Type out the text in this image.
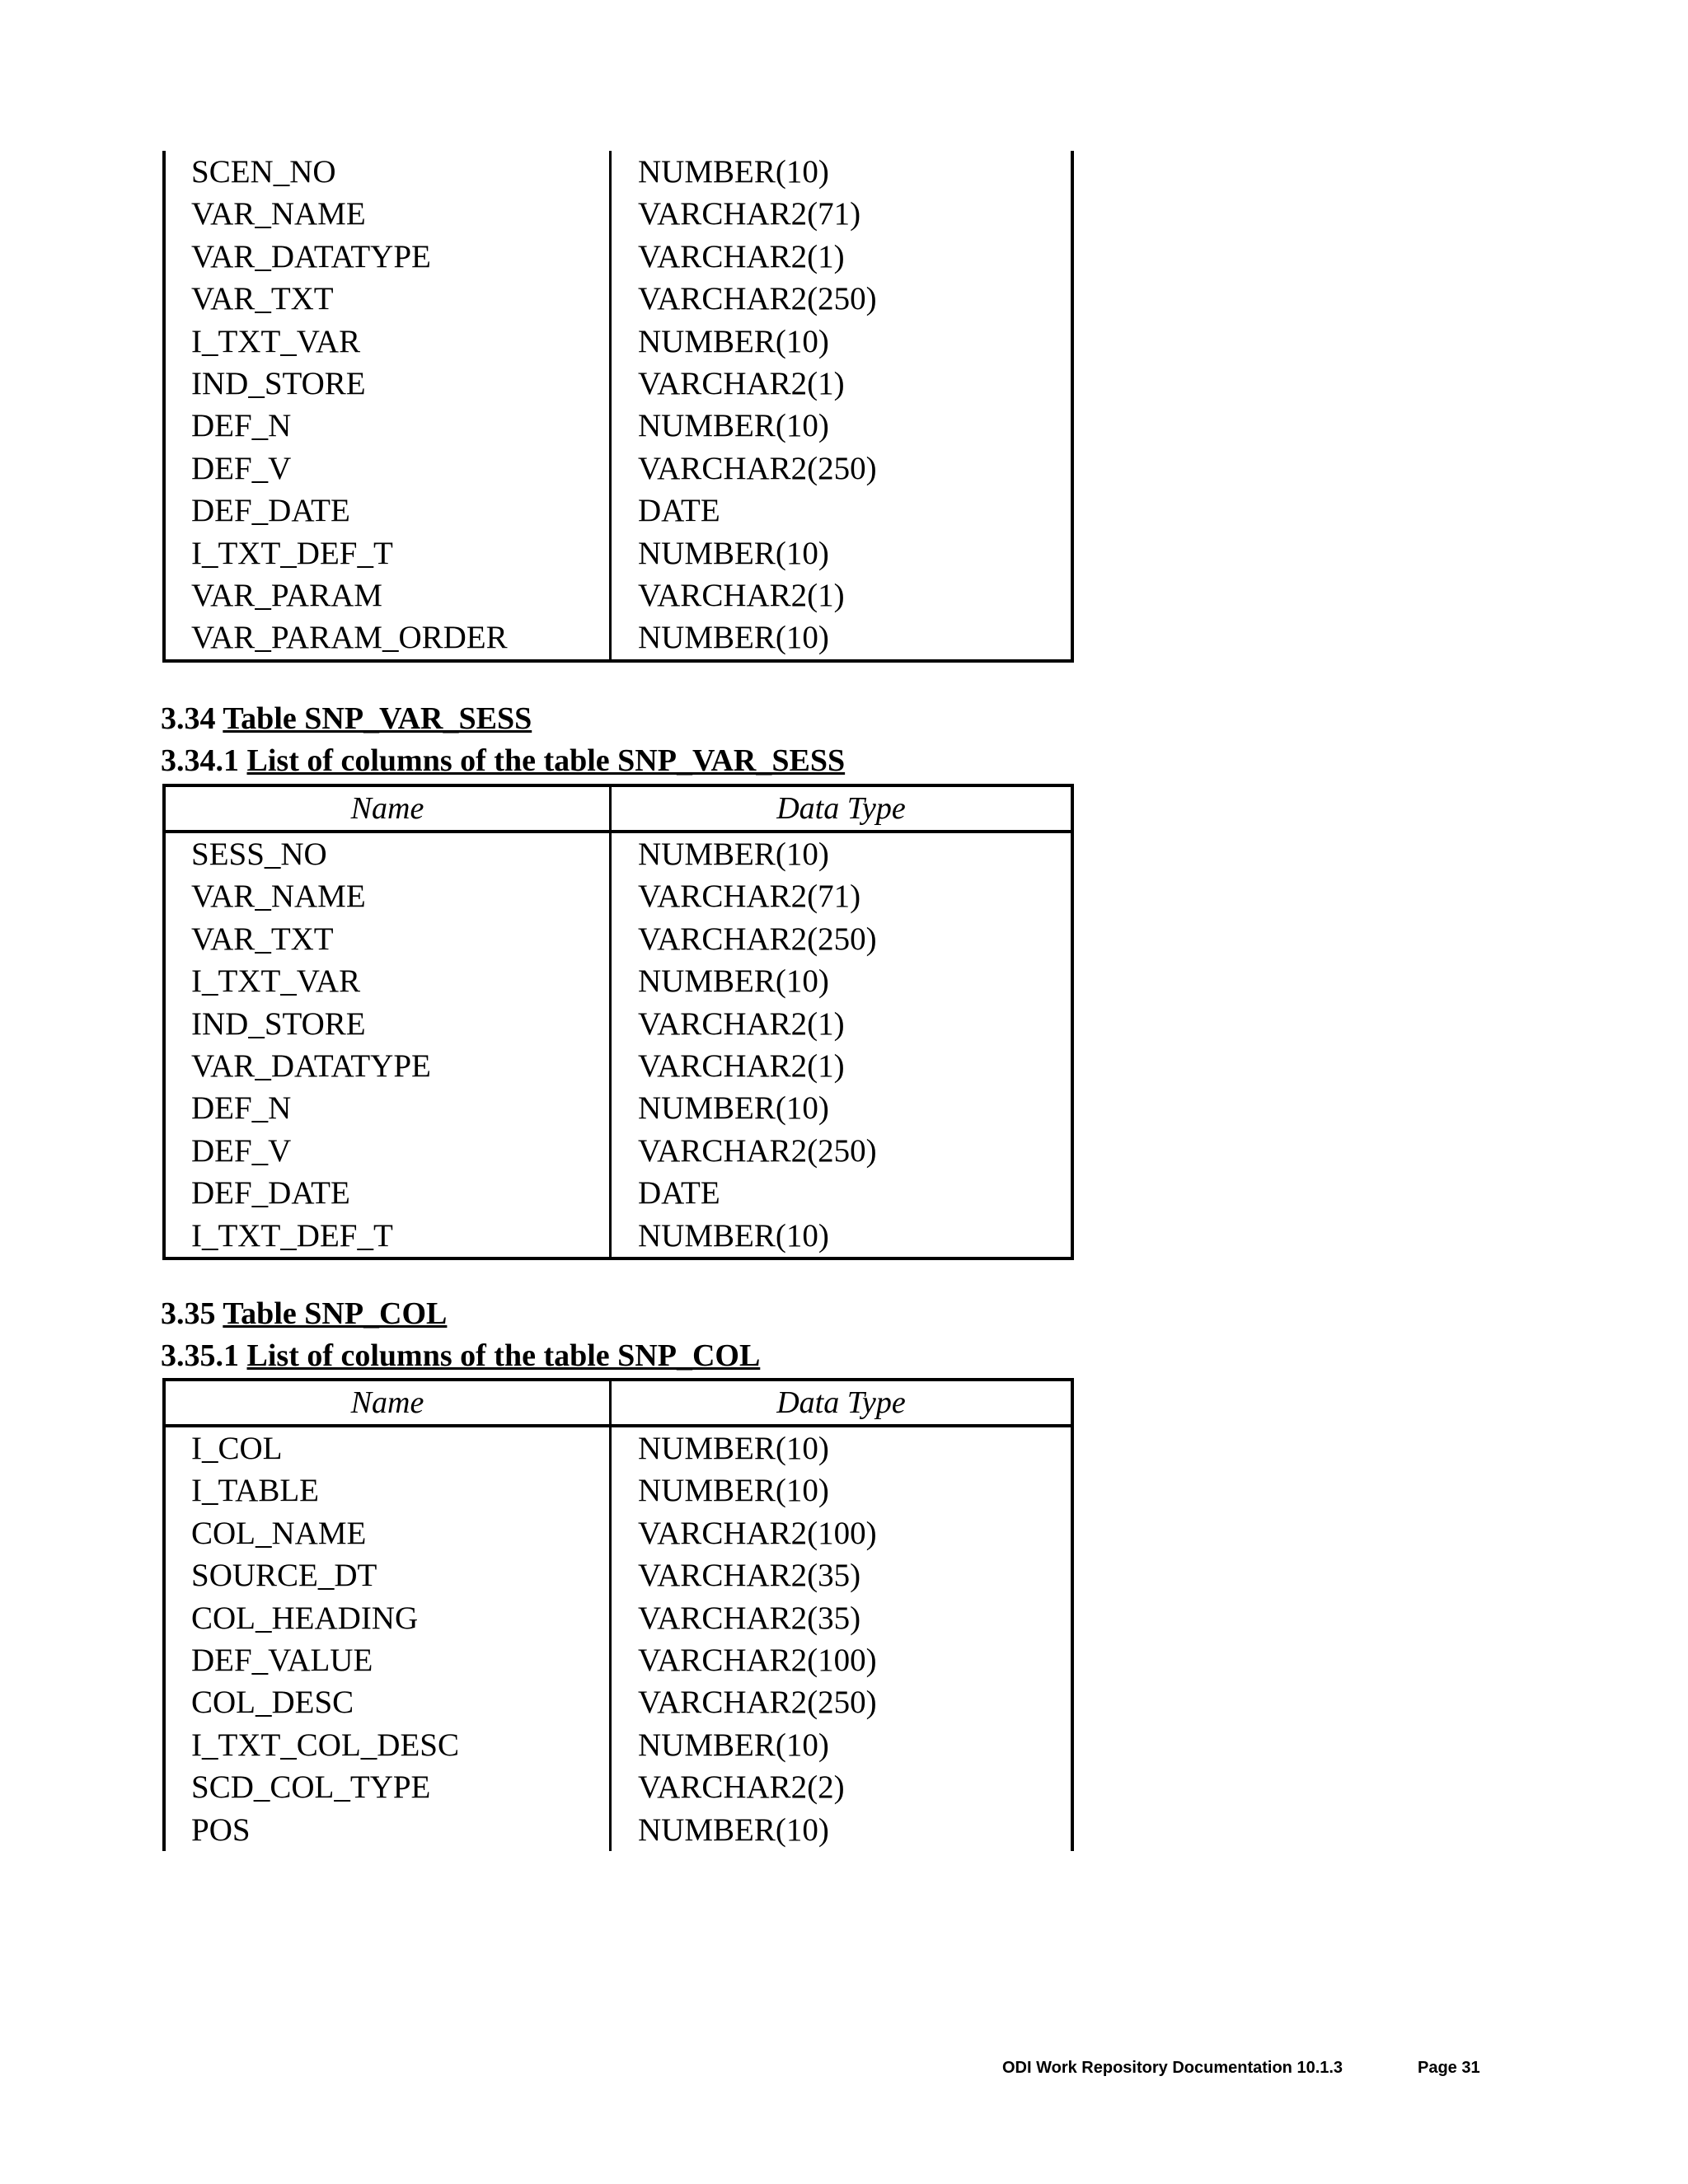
SCEN_NO	NUMBER(10)
VAR_NAME	VARCHAR2(71)
VAR_DATATYPE	VARCHAR2(1)
VAR_TXT	VARCHAR2(250)
I_TXT_VAR	NUMBER(10)
IND_STORE	VARCHAR2(1)
DEF_N	NUMBER(10)
DEF_V	VARCHAR2(250)
DEF_DATE	DATE
I_TXT_DEF_T	NUMBER(10)
VAR_PARAM	VARCHAR2(1)
VAR_PARAM_ORDER	NUMBER(10)
3.34 Table SNP_VAR_SESS
3.34.1 List of columns of the table SNP_VAR_SESS
Name	Data Type
SESS_NO	NUMBER(10)
VAR_NAME	VARCHAR2(71)
VAR_TXT	VARCHAR2(250)
I_TXT_VAR	NUMBER(10)
IND_STORE	VARCHAR2(1)
VAR_DATATYPE	VARCHAR2(1)
DEF_N	NUMBER(10)
DEF_V	VARCHAR2(250)
DEF_DATE	DATE
I_TXT_DEF_T	NUMBER(10)
3.35 Table SNP_COL
3.35.1 List of columns of the table SNP_COL
Name	Data Type
I_COL	NUMBER(10)
I_TABLE	NUMBER(10)
COL_NAME	VARCHAR2(100)
SOURCE_DT	VARCHAR2(35)
COL_HEADING	VARCHAR2(35)
DEF_VALUE	VARCHAR2(100)
COL_DESC	VARCHAR2(250)
I_TXT_COL_DESC	NUMBER(10)
SCD_COL_TYPE	VARCHAR2(2)
POS	NUMBER(10)
ODI Work Repository Documentation 10.1.3	Page 31
